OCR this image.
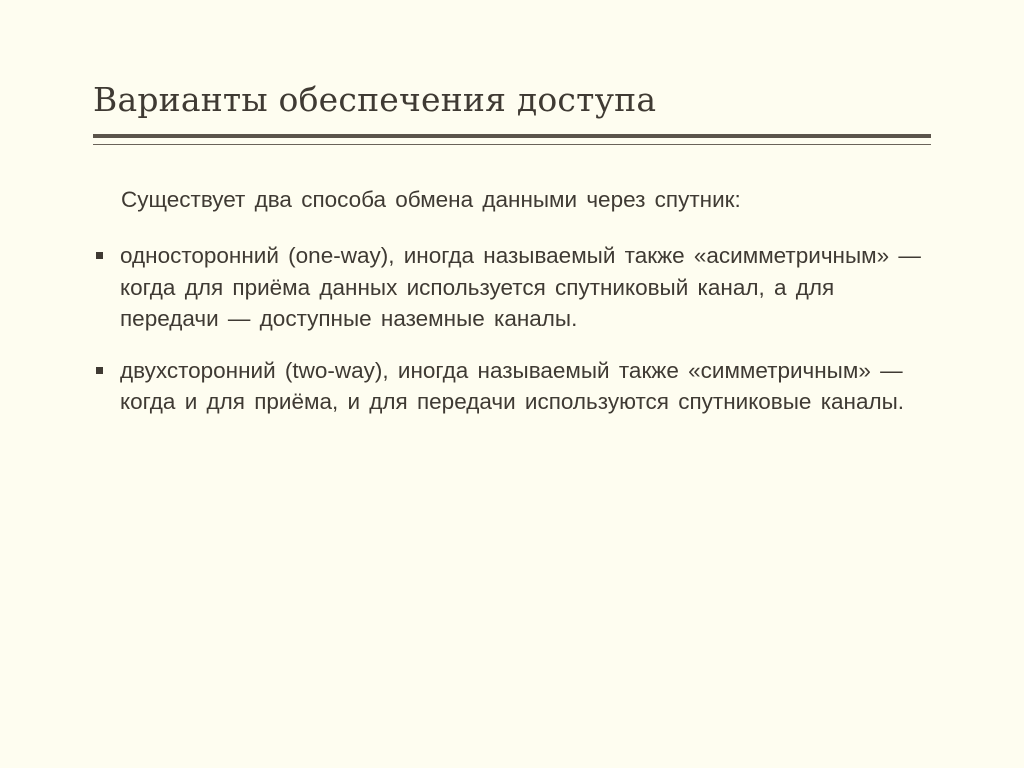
Варианты обеспечения доступа

Существует два способа обмена данными через спутник:

односторонний (one-way), иногда называемый также «асимметричным» — когда для приёма данных используется спутниковый канал, а для передачи — доступные наземные каналы.
двухсторонний (two-way), иногда называемый также «симметричным» — когда и для приёма, и для передачи используются спутниковые каналы.
